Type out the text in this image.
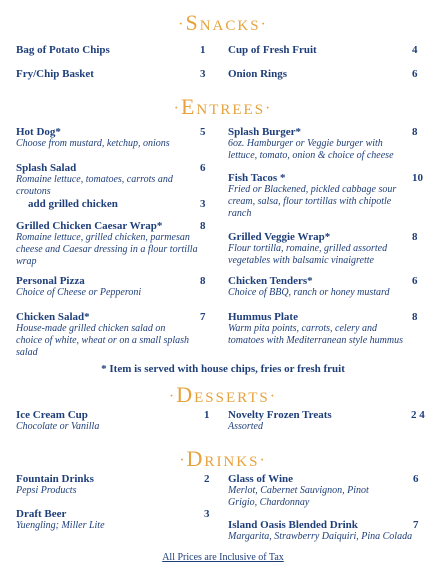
·Snacks·
Bag of Potato Chips	1 Cup of Fresh Fruit	4
Fry/Chip Basket	3 Onion Rings	6
·Entrees·
Hot Dog*	5
Choose from mustard, ketchup, onions
Splash Burger*	8
6oz. Hamburger or Veggie burger with lettuce, tomato, onion & choice of cheese
Splash Salad	6
Romaine lettuce, tomatoes, carrots and croutons
add grilled chicken	3
Fish Tacos *	10
Fried or Blackened, pickled cabbage sour cream, salsa, flour tortillas with chipotle ranch
Grilled Chicken Caesar Wrap*	8
Romaine lettuce, grilled chicken, parmesan cheese and Caesar dressing in a flour tortilla wrap
Grilled Veggie Wrap*	8
Flour tortilla, romaine, grilled assorted vegetables with balsamic vinaigrette
Personal Pizza	8
Choice of Cheese or Pepperoni
Chicken Tenders*	6
Choice of BBQ, ranch or honey mustard
Chicken Salad*	7
House-made grilled chicken salad on choice of white, wheat or on a small splash salad
Hummus Plate	8
Warm pita points, carrots, celery and tomatoes with Mediterranean style hummus
* Item is served with house chips, fries or fresh fruit
·Desserts·
Ice Cream Cup	1
Chocolate or Vanilla
Novelty Frozen Treats	2 4
Assorted
·Drinks·
Fountain Drinks	2
Pepsi Products
Glass of Wine	6
Merlot, Cabernet Sauvignon, Pinot Grigio, Chardonnay
Draft Beer	3
Yuengling; Miller Lite	Island Oasis Blended Drink	7
Margarita, Strawberry Daiquiri, Pina Colada
All Prices are Inclusive of Tax
